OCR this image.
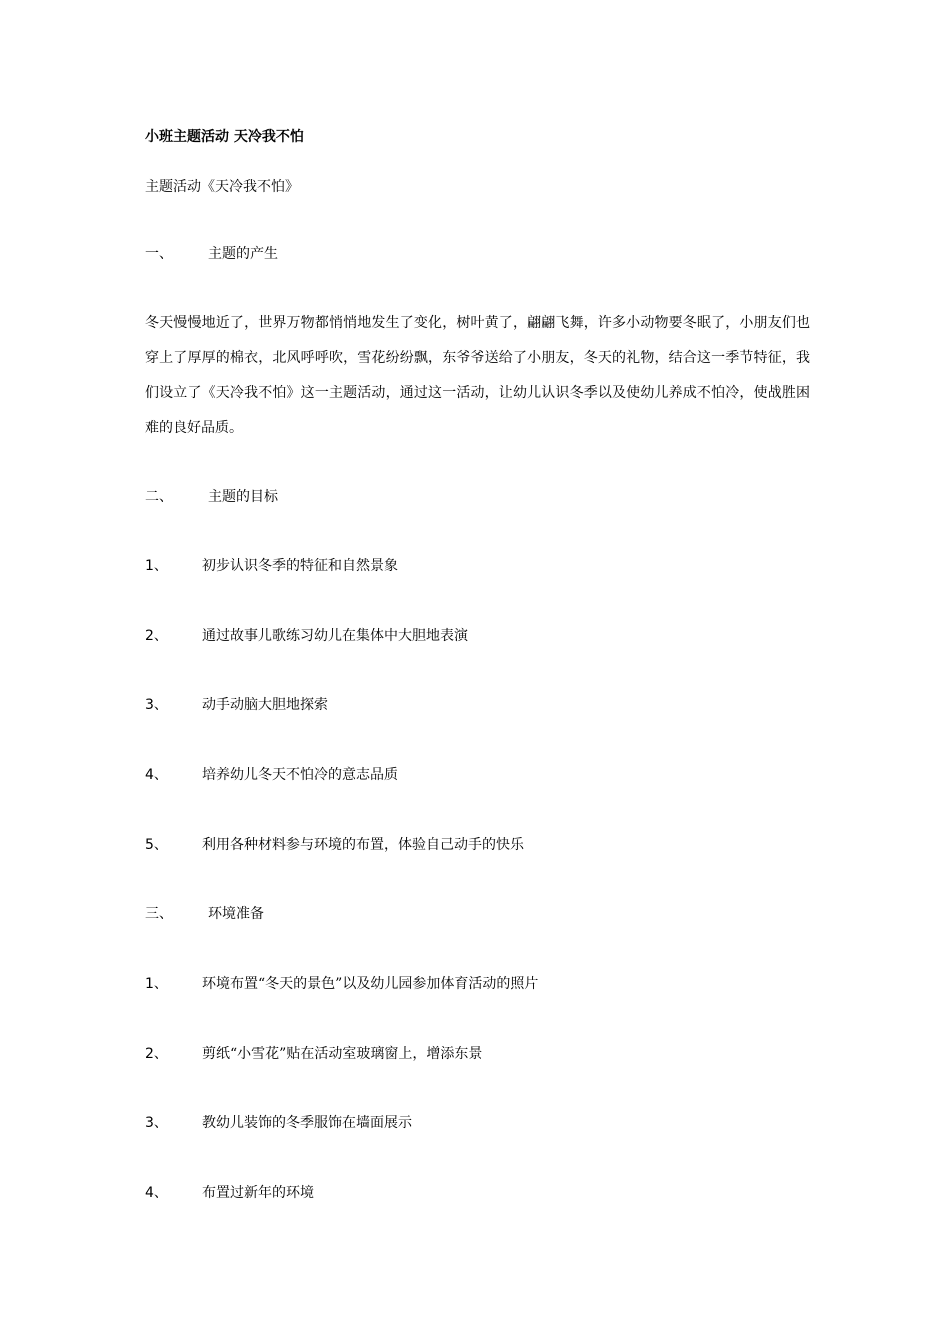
小班主题活动 天冷我不怕
主题活动《天冷我不怕》
一、	主题的产生
冬天慢慢地近了，世界万物都悄悄地发生了变化，树叶黄了，翩翩飞舞，许多小动物要冬眠了，小朋友们也穿上了厚厚的棉衣，北风呼呼吹，雪花纷纷飘，东爷爷送给了小朋友，冬天的礼物，结合这一季节特征，我们设立了《天冷我不怕》这一主题活动，通过这一活动，让幼儿认识冬季以及使幼儿养成不怕冷，使战胜困难的良好品质。
二、	主题的目标
1、 初步认识冬季的特征和自然景象
2、 通过故事儿歌练习幼儿在集体中大胆地表演
3、 动手动脑大胆地探索
4、 培养幼儿冬天不怕冷的意志品质
5、 利用各种材料参与环境的布置，体验自己动手的快乐
三、	环境准备
1、 环境布置“冬天的景色”以及幼儿园参加体育活动的照片
2、 剪纸“小雪花”贴在活动室玻璃窗上，增添东景
3、 教幼儿装饰的冬季服饰在墙面展示
4、 布置过新年的环境
